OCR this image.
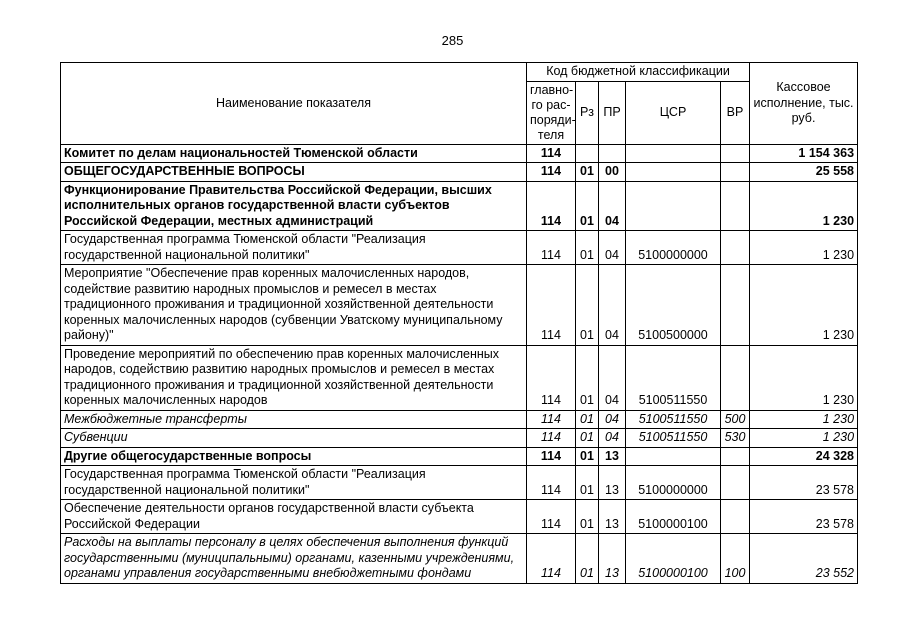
285
Наименование показателя	Код бюджетной классификации					Кассовое исполнение, тыс. руб.
	главно-го рас-поряди-теля	Рз	ПР	ЦСР	ВР	
Комитет по делам национальностей Тюменской области	114					1 154 363
ОБЩЕГОСУДАРСТВЕННЫЕ ВОПРОСЫ	114	01	00			25 558
Функционирование Правительства Российской Федерации, высших исполнительных органов государственной власти субъектов Российской Федерации, местных администраций	114	01	04			1 230
Государственная программа Тюменской области "Реализация государственной национальной политики"	114	01	04	5100000000		1 230
Мероприятие "Обеспечение прав коренных малочисленных народов, содействие развитию народных промыслов и ремесел в местах традиционного проживания и традиционной хозяйственной деятельности коренных малочисленных народов (субвенции Уватскому муниципальному району)"	114	01	04	5100500000		1 230
Проведение мероприятий по обеспечению прав коренных малочисленных народов, содействию развитию народных промыслов и ремесел в местах традиционного проживания и традиционной хозяйственной деятельности коренных малочисленных народов	114	01	04	5100511550		1 230
Межбюджетные трансферты	114	01	04	5100511550	500	1 230
Субвенции	114	01	04	5100511550	530	1 230
Другие общегосударственные вопросы	114	01	13			24 328
Государственная программа Тюменской области "Реализация государственной национальной политики"	114	01	13	5100000000		23 578
Обеспечение деятельности органов государственной власти субъекта Российской Федерации	114	01	13	5100000100		23 578
Расходы на выплаты персоналу в целях обеспечения выполнения функций государственными (муниципальными) органами, казенными учреждениями, органами управления государственными внебюджетными фондами	114	01	13	5100000100	100	23 552
